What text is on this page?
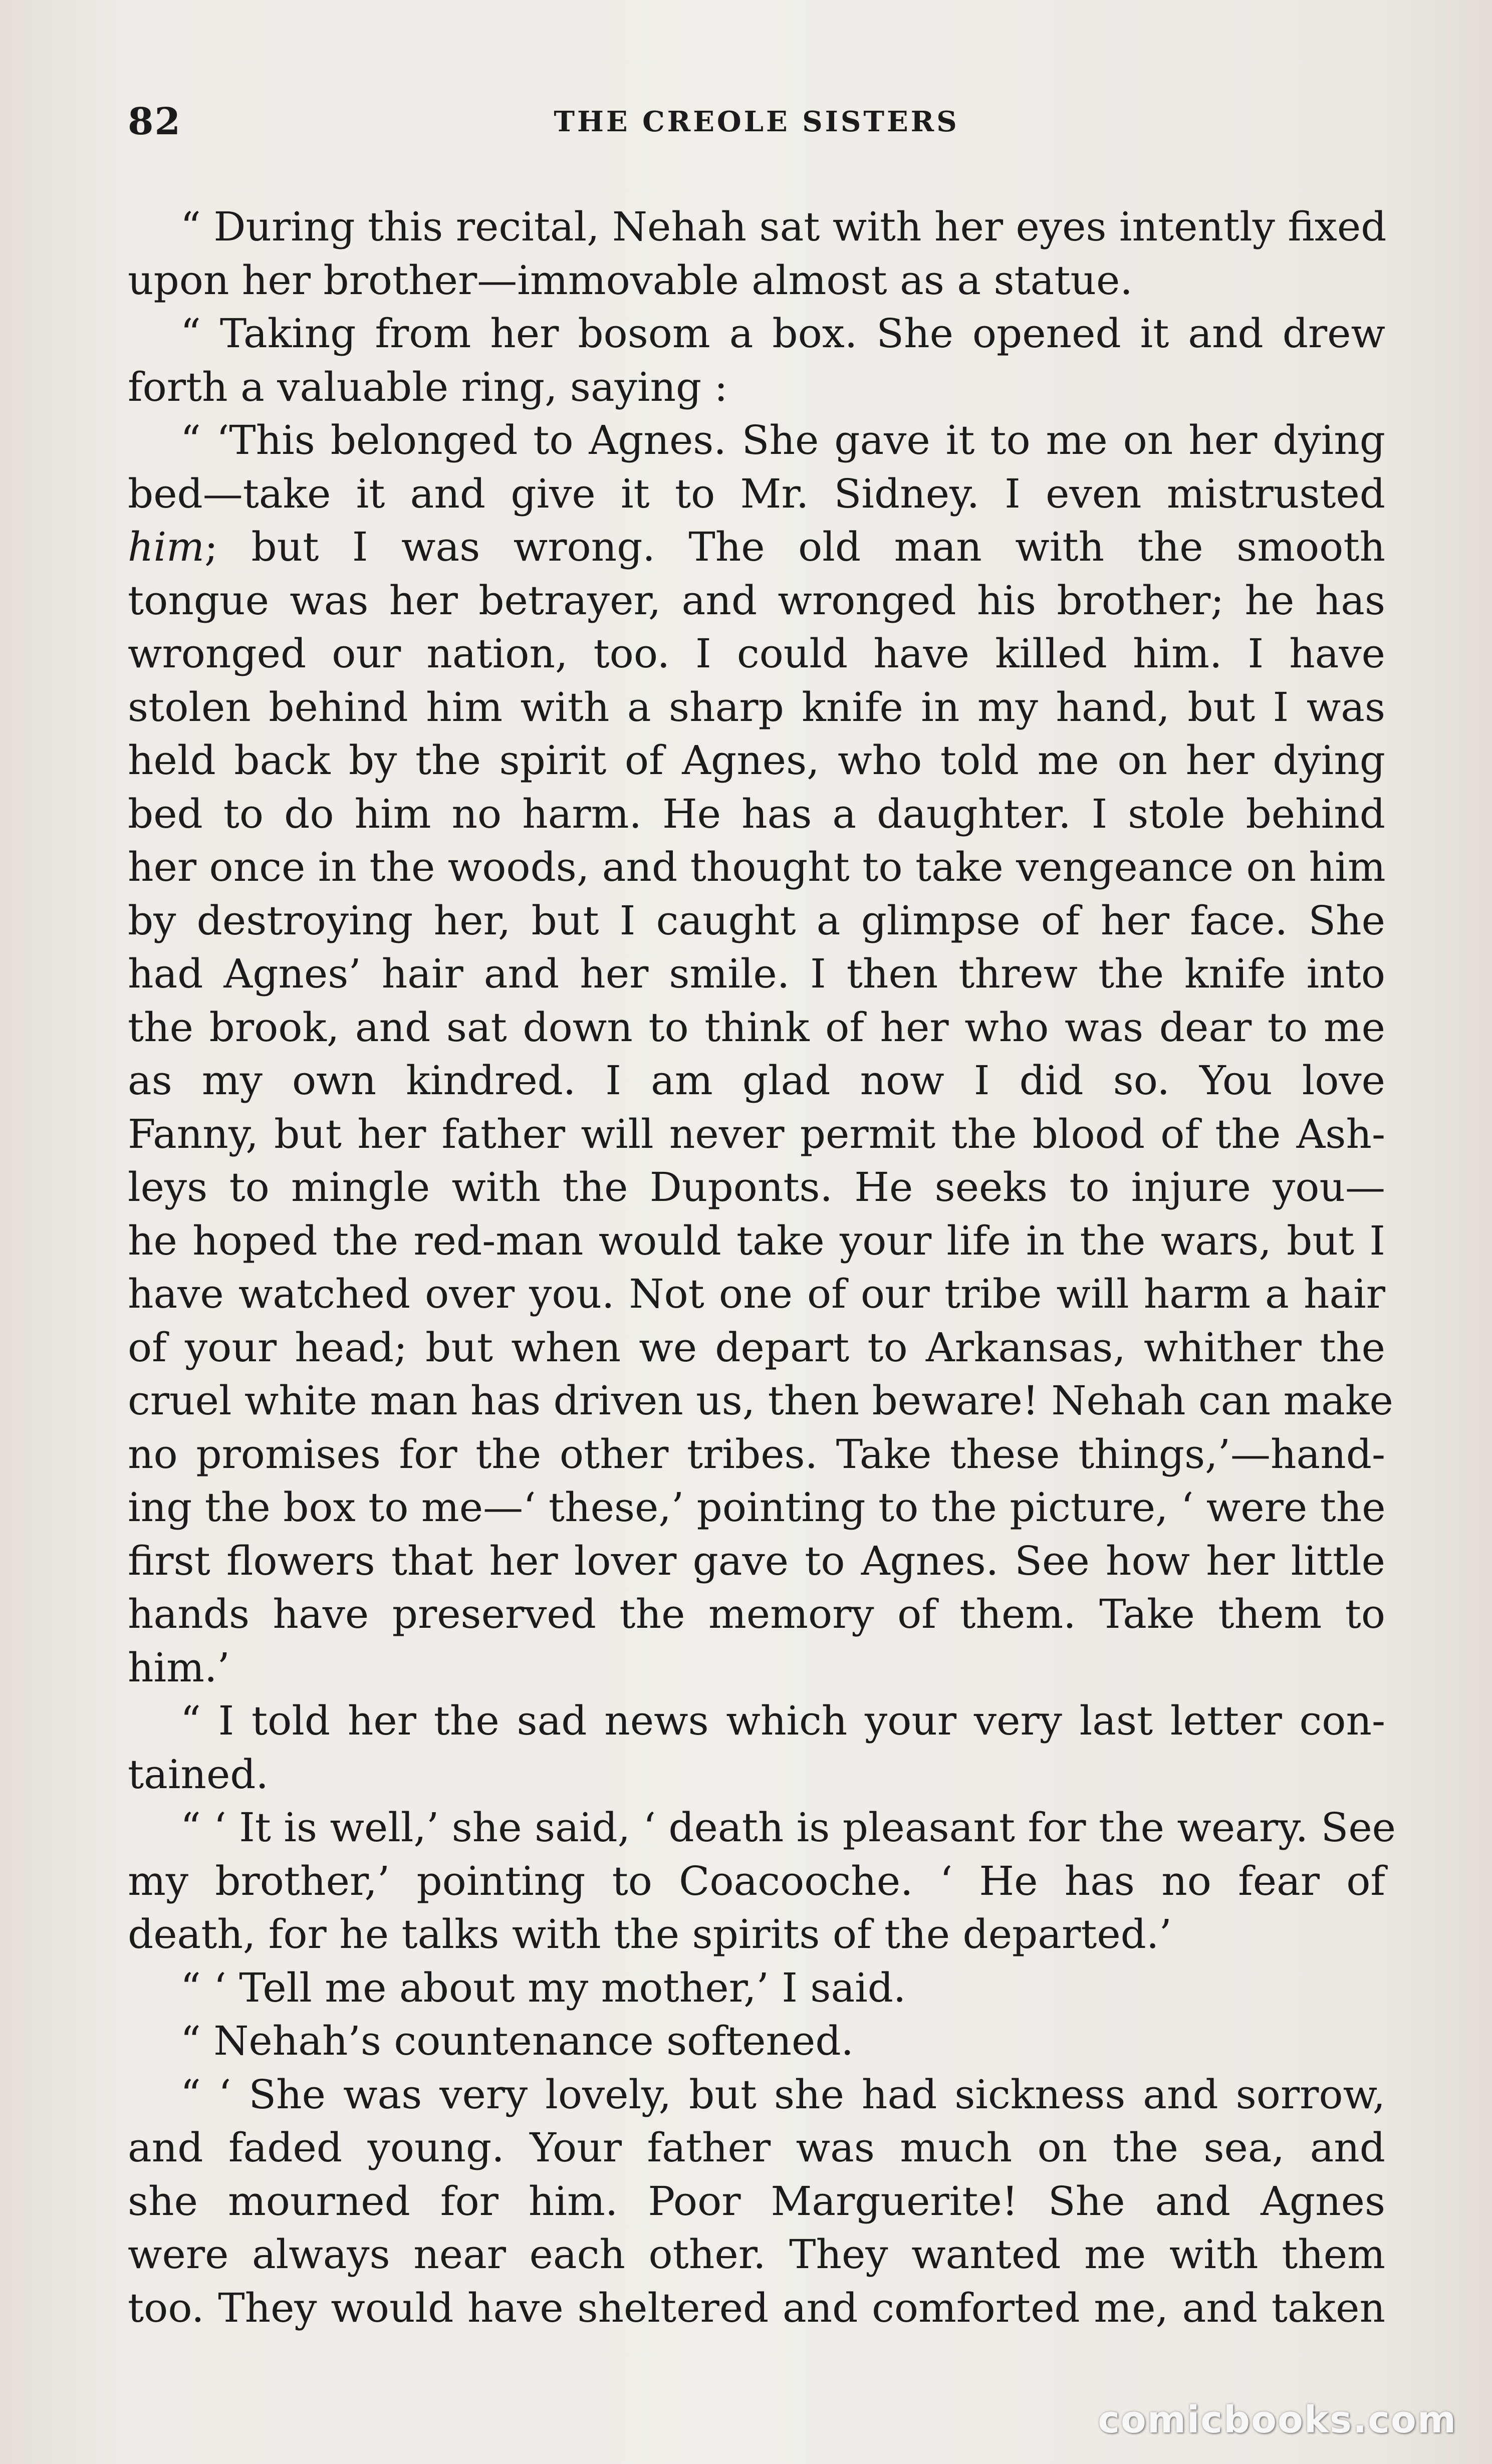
82	THE CREOLE SISTERS
“ During this recital, Nehah sat with her eyes intently fixed
upon her brother—immovable almost as a statue.
“ Taking from her bosom a box. She opened it and drew
forth a valuable ring, saying :
“ ‘This belonged to Agnes. She gave it to me on her dying
bed—take it and give it to Mr. Sidney. I even mistrusted
him; but I was wrong. The old man with the smooth
tongue was her betrayer, and wronged his brother; he has
wronged our nation, too. I could have killed him. I have
stolen behind him with a sharp knife in my hand, but I was
held back by the spirit of Agnes, who told me on her dying
bed to do him no harm. He has a daughter. I stole behind
her once in the woods, and thought to take vengeance on him
by destroying her, but I caught a glimpse of her face. She
had Agnes’ hair and her smile. I then threw the knife into
the brook, and sat down to think of her who was dear to me
as my own kindred. I am glad now I did so. You love
Fanny, but her father will never permit the blood of the Ash-
leys to mingle with the Duponts. He seeks to injure you—
he hoped the red-man would take your life in the wars, but I
have watched over you. Not one of our tribe will harm a hair
of your head; but when we depart to Arkansas, whither the
cruel white man has driven us, then beware! Nehah can make
no promises for the other tribes. Take these things,’—hand-
ing the box to me—‘ these,’ pointing to the picture, ‘ were the
first flowers that her lover gave to Agnes. See how her little
hands have preserved the memory of them. Take them to
him.’
“ I told her the sad news which your very last letter con-
tained.
“ ‘ It is well,’ she said, ‘ death is pleasant for the weary. See
my brother,’ pointing to Coacooche. ‘ He has no fear of
death, for he talks with the spirits of the departed.’
“ ‘ Tell me about my mother,’ I said.
“ Nehah’s countenance softened.
“ ‘ She was very lovely, but she had sickness and sorrow,
and faded young. Your father was much on the sea, and
she mourned for him. Poor Marguerite! She and Agnes
were always near each other. They wanted me with them
too. They would have sheltered and comforted me, and taken
comicbooks.com
